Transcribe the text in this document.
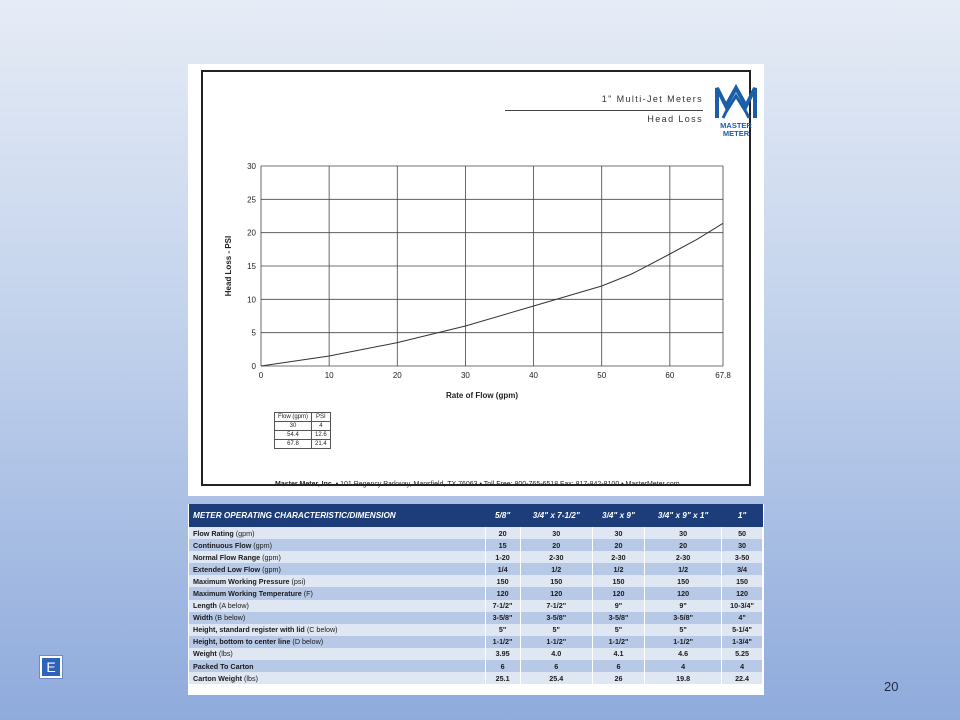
1" Multi-Jet Meters
Head Loss
MASTER
METER
0	10	20	30	40	50	60	67.8
0
5
10
15
20
25
30
Rate of Flow (gpm)
Head Loss - PSI
Flow (gpm)	PSI
30	4
54.4	12.6
67.8	21.4
Master Meter, Inc. • 101 Regency Parkway, Mansfield, TX 76063 • Toll Free: 800-765-6518 Fax: 817-842-8100 • MasterMeter.com
METER OPERATING CHARACTERISTIC/DIMENSION	5/8"	3/4" x 7-1/2"	3/4" x 9"	3/4" x 9" x 1"	1"
Flow Rating (gpm)	20	30	30	30	50
Continuous Flow (gpm)	15	20	20	20	30
Normal Flow Range (gpm)	1-20	2-30	2-30	2-30	3-50
Extended Low Flow (gpm)	1/4	1/2	1/2	1/2	3/4
Maximum Working Pressure (psi)	150	150	150	150	150
Maximum Working Temperature (F)	120	120	120	120	120
Length (A below)	7-1/2"	7-1/2"	9"	9"	10-3/4"
Width (B below)	3-5/8"	3-5/8"	3-5/8"	3-5/8"	4"
Height, standard register with lid (C below)	5"	5"	5"	5"	5-1/4"
Height, bottom to center line (D below)	1-1/2"	1-1/2"	1-1/2"	1-1/2"	1-3/4"
Weight (lbs)	3.95	4.0	4.1	4.6	5.25
Packed To Carton	6	6	6	4	4
Carton Weight (lbs)	25.1	25.4	26	19.8	22.4
E
20
